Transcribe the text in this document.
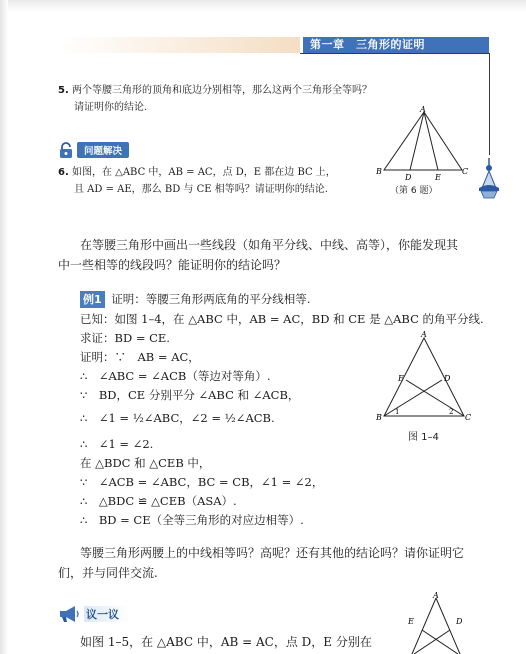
第一章　三角形的证明
5. 两个等腰三角形的顶角和底边分别相等，那么这两个三角形全等吗？
请证明你的结论.	A
B	C
D	E
（第 6 题）
问题解决
6. 如图，在 △ABC 中，AB = AC，点 D，E 都在边 BC 上，
且 AD = AE，那么 BD 与 CE 相等吗？请证明你的结论.
在等腰三角形中画出一些线段（如角平分线、中线、高等），你能发现其
中一些相等的线段吗？能证明你的结论吗？
例1 证明：等腰三角形两底角的平分线相等.
已知：如图 1–4，在 △ABC 中，AB = AC，BD 和 CE 是 △ABC 的角平分线.
求证：BD = CE.
证明：∵　AB = AC，
∴　∠ABC = ∠ACB（等边对等角）.
∵　BD，CE 分别平分 ∠ABC 和 ∠ACB，
∴　∠1 = ½∠ABC，∠2 = ½∠ACB.
∴　∠1 = ∠2.
在 △BDC 和 △CEB 中，
∵　∠ACB = ∠ABC，BC = CB，∠1 = ∠2，
∴　△BDC ≌ △CEB（ASA）.
∴　BD = CE（全等三角形的对应边相等）.
A
B	C
D
E
1	2
图 1–4
等腰三角形两腰上的中线相等吗？高呢？还有其他的结论吗？请你证明它
们，并与同伴交流.
议一议
A
E	D
如图 1–5，在 △ABC 中，AB = AC，点 D，E 分别在
